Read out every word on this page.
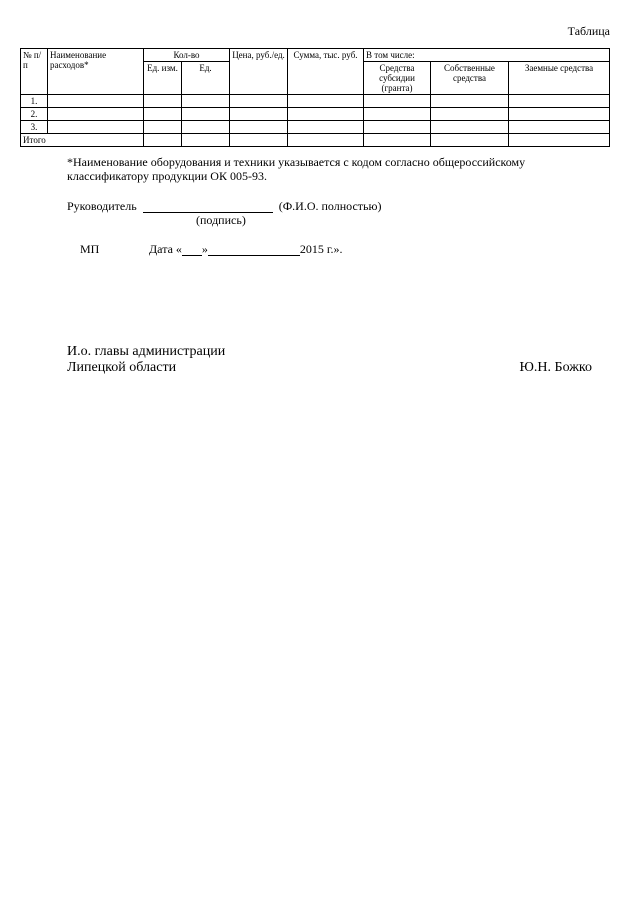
Таблица
№ п/п	Наименование расходов*	Кол-во		Цена, руб./ед.	Сумма, тыс. руб.	В том числе:		
		Ед. изм.	Ед.			Средства субсидии (гранта)	Собственные средства	Заемные средства
1.								
2.								
3.								
Итого								
*Наименование оборудования и техники указывается с кодом согласно общероссийскому классификатору продукции ОК 005-93.
Руководитель	(Ф.И.О. полностью)
(подпись)
МП	Дата « »	2015 г.».
И.о. главы администрации
Липецкой области	Ю.Н. Божко
